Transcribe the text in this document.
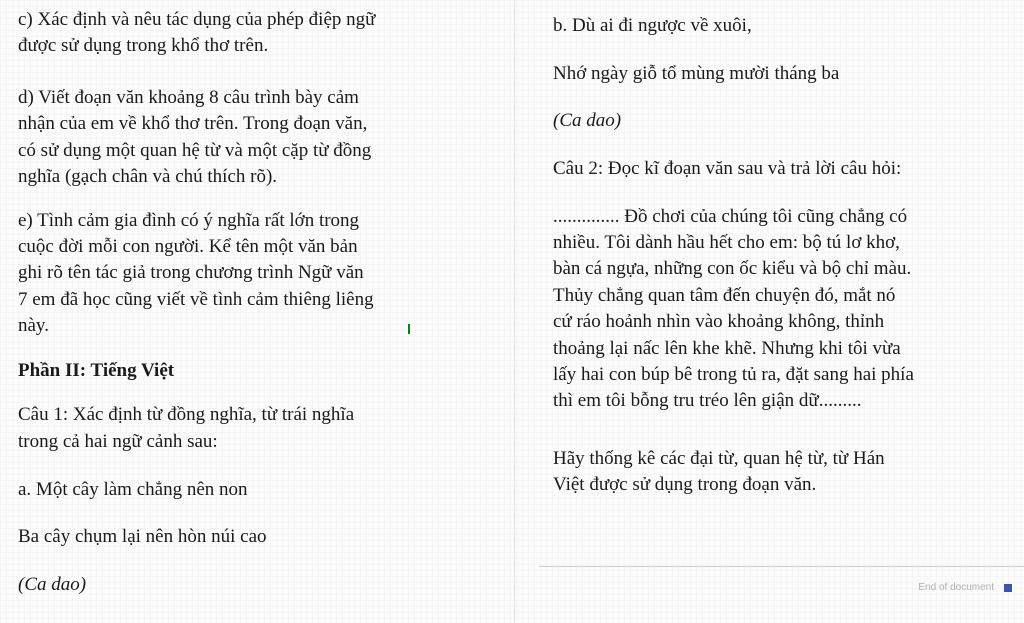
c) Xác định và nêu tác dụng của phép điệp ngữ
được sử dụng trong khổ thơ trên.
d) Viết đoạn văn khoảng 8 câu trình bày cảm
nhận của em về khổ thơ trên. Trong đoạn văn,
có sử dụng một quan hệ từ và một cặp từ đồng
nghĩa (gạch chân và chú thích rõ).
e) Tình cảm gia đình có ý nghĩa rất lớn trong
cuộc đời mỗi con người. Kể tên một văn bản
ghi rõ tên tác giả trong chương trình Ngữ văn
7 em đã học cũng viết về tình cảm thiêng liêng
này.
Phần II: Tiếng Việt
Câu 1: Xác định từ đồng nghĩa, từ trái nghĩa
trong cả hai ngữ cảnh sau:
a. Một cây làm chẳng nên non
Ba cây chụm lại nên hòn núi cao
(Ca dao)
b. Dù ai đi ngược về xuôi,
Nhớ ngày giỗ tổ mùng mười tháng ba
(Ca dao)
Câu 2: Đọc kĩ đoạn văn sau và trả lời câu hỏi:
.............. Đồ chơi của chúng tôi cũng chẳng có
nhiều. Tôi dành hầu hết cho em: bộ tú lơ khơ,
bàn cá ngựa, những con ốc kiểu và bộ chỉ màu.
Thủy chẳng quan tâm đến chuyện đó, mắt nó
cứ ráo hoảnh nhìn vào khoảng không, thỉnh
thoảng lại nấc lên khe khẽ. Nhưng khi tôi vừa
lấy hai con búp bê trong tủ ra, đặt sang hai phía
thì em tôi bỗng tru tréo lên giận dữ.........
Hãy thống kê các đại từ, quan hệ từ, từ Hán
Việt được sử dụng trong đoạn văn.
End of document
